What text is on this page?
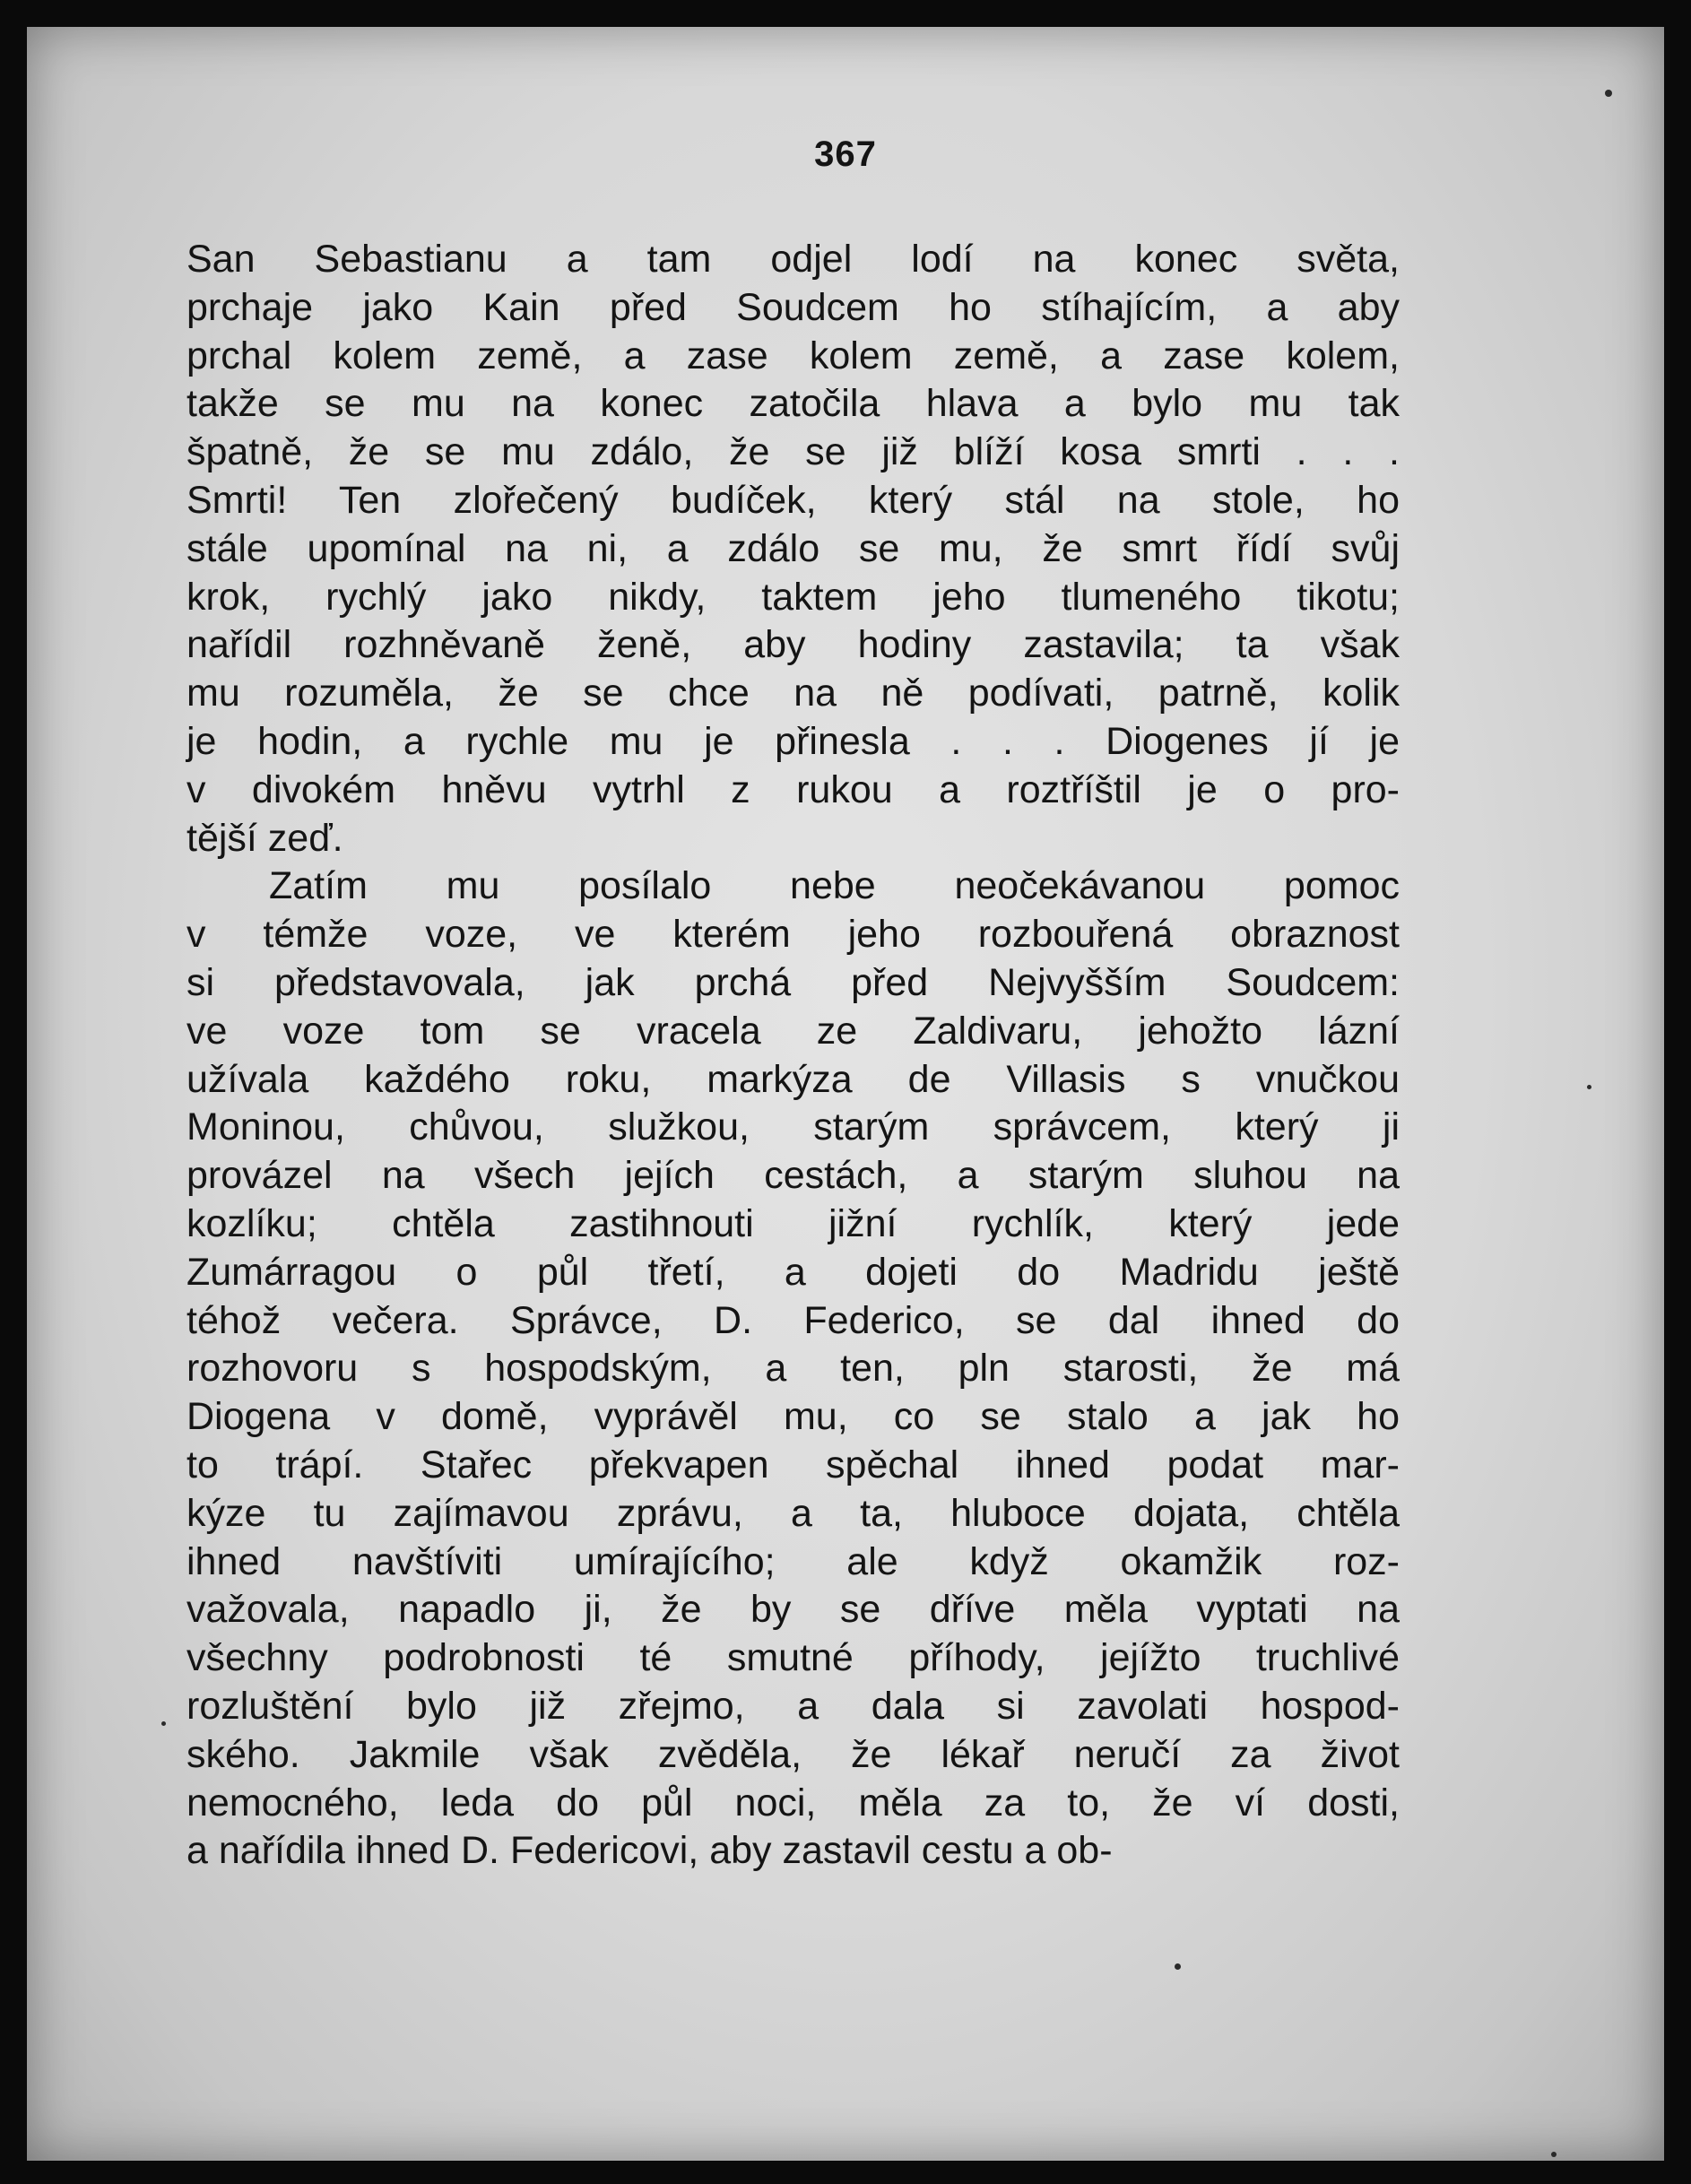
367
San Sebastianu a tam odjel lodí na konec světa,
prchaje jako Kain před Soudcem ho stíhajícím, a aby
prchal kolem země, a zase kolem země, a zase kolem,
takže se mu na konec zatočila hlava a bylo mu tak
špatně, že se mu zdálo, že se již blíží kosa smrti . . .
Smrti! Ten zlořečený budíček, který stál na stole, ho
stále upomínal na ni, a zdálo se mu, že smrt řídí svůj
krok, rychlý jako nikdy, taktem jeho tlumeného tikotu;
nařídil rozhněvaně ženě, aby hodiny zastavila; ta však
mu rozuměla, že se chce na ně podívati, patrně, kolik
je hodin, a rychle mu je přinesla . . . Diogenes jí je
v divokém hněvu vytrhl z rukou a roztříštil je o pro-
tější zeď.
Zatím mu posílalo nebe neočekávanou pomoc
v témže voze, ve kterém jeho rozbouřená obraznost
si představovala, jak prchá před Nejvyšším Soudcem:
ve voze tom se vracela ze Zaldivaru, jehožto lázní
užívala každého roku, markýza de Villasis s vnučkou
Moninou, chůvou, služkou, starým správcem, který ji
provázel na všech jejích cestách, a starým sluhou na
kozlíku; chtěla zastihnouti jižní rychlík, který jede
Zumárragou o půl třetí, a dojeti do Madridu ještě
téhož večera. Správce, D. Federico, se dal ihned do
rozhovoru s hospodským, a ten, pln starosti, že má
Diogena v domě, vyprávěl mu, co se stalo a jak ho
to trápí. Stařec překvapen spěchal ihned podat mar-
kýze tu zajímavou zprávu, a ta, hluboce dojata, chtěla
ihned navštíviti umírajícího; ale když okamžik roz-
važovala, napadlo ji, že by se dříve měla vyptati na
všechny podrobnosti té smutné příhody, jejížto truchlivé
rozluštění bylo již zřejmo, a dala si zavolati hospod-
ského. Jakmile však zvěděla, že lékař neručí za život
nemocného, leda do půl noci, měla za to, že ví dosti,
a nařídila ihned D. Federicovi, aby zastavil cestu a ob-
